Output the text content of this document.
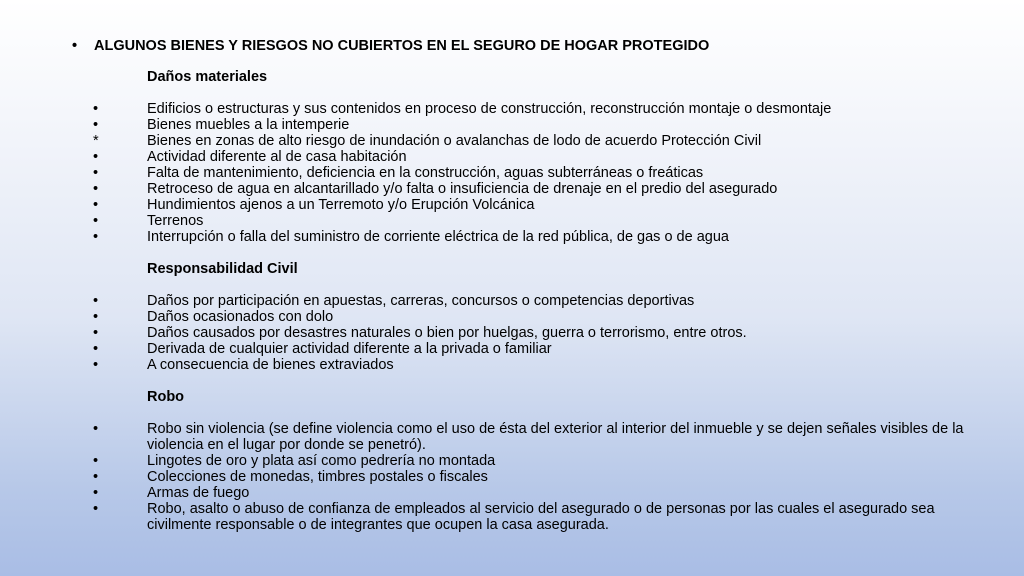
• ALGUNOS BIENES Y RIESGOS NO CUBIERTOS EN EL SEGURO DE HOGAR PROTEGIDO

Daños materiales

•	Edificios o estructuras y sus contenidos en proceso de construcción, reconstrucción montaje o desmontaje
•	Bienes muebles a la intemperie
*	Bienes en zonas de alto riesgo de inundación o avalanchas de lodo de acuerdo Protección Civil
•	Actividad diferente al de casa habitación
•	Falta de mantenimiento, deficiencia en la construcción, aguas subterráneas o freáticas
•	Retroceso de agua en alcantarillado y/o falta o insuficiencia de drenaje en el predio del asegurado
•	Hundimientos ajenos a un Terremoto y/o Erupción Volcánica
•	Terrenos
•	Interrupción o falla del suministro de corriente eléctrica de la red pública, de gas o de agua

Responsabilidad Civil

•	Daños por participación en apuestas, carreras, concursos o competencias deportivas
•	Daños ocasionados con dolo
•	Daños causados por desastres naturales o bien por huelgas, guerra o terrorismo, entre otros.
•	Derivada de cualquier actividad diferente a la privada o familiar
•	A consecuencia de bienes extraviados

Robo

•	Robo sin violencia (se define violencia como el uso de ésta del exterior al interior del inmueble y se dejen señales visibles de la violencia en el lugar por donde se penetró).
•	Lingotes de oro y plata así como pedrería no montada
•	Colecciones de monedas, timbres postales o fiscales
•	Armas de fuego
•	Robo, asalto o abuso de confianza de empleados al servicio del asegurado o de personas por las cuales el asegurado sea civilmente responsable o de integrantes que ocupen la casa asegurada.
